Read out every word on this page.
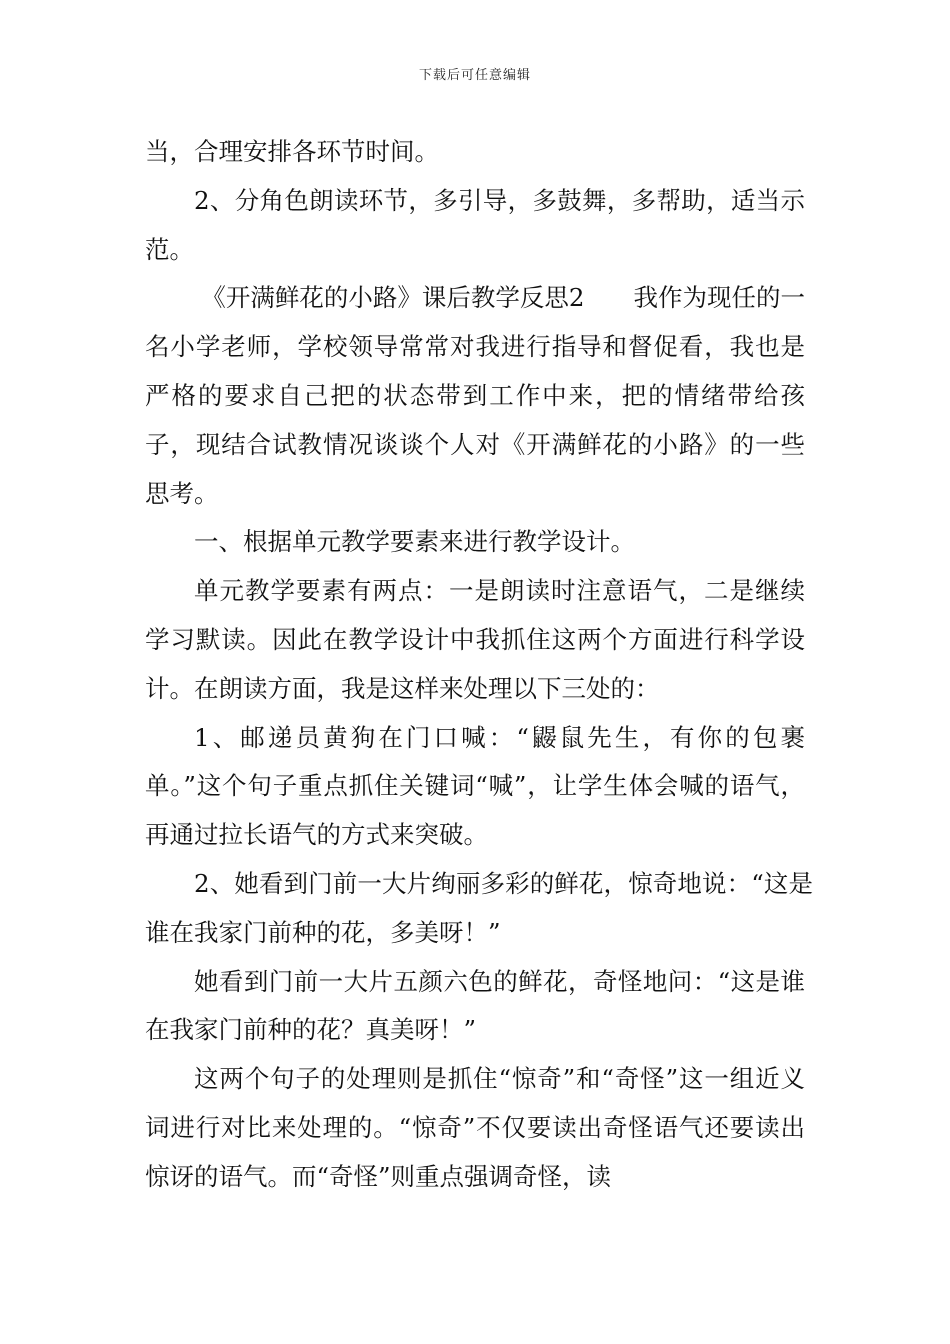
下载后可任意编辑

当，合理安排各环节时间。

2、分角色朗读环节，多引导，多鼓舞，多帮助，适当示范。

《开满鲜花的小路》课后教学反思2　　我作为现任的一名小学老师，学校领导常常对我进行指导和督促看，我也是严格的要求自己把的状态带到工作中来，把的情绪带给孩子，现结合试教情况谈谈个人对《开满鲜花的小路》的一些思考。

一、根据单元教学要素来进行教学设计。

单元教学要素有两点：一是朗读时注意语气，二是继续学习默读。因此在教学设计中我抓住这两个方面进行科学设计。在朗读方面，我是这样来处理以下三处的：

1、邮递员黄狗在门口喊：“鼹鼠先生，有你的包裹单。”这个句子重点抓住关键词“喊”，让学生体会喊的语气，再通过拉长语气的方式来突破。

2、她看到门前一大片绚丽多彩的鲜花，惊奇地说：“这是谁在我家门前种的花，多美呀！”

她看到门前一大片五颜六色的鲜花，奇怪地问：“这是谁在我家门前种的花？真美呀！”

这两个句子的处理则是抓住“惊奇”和“奇怪”这一组近义词进行对比来处理的。“惊奇”不仅要读出奇怪语气还要读出惊讶的语气。而“奇怪”则重点强调奇怪，读
